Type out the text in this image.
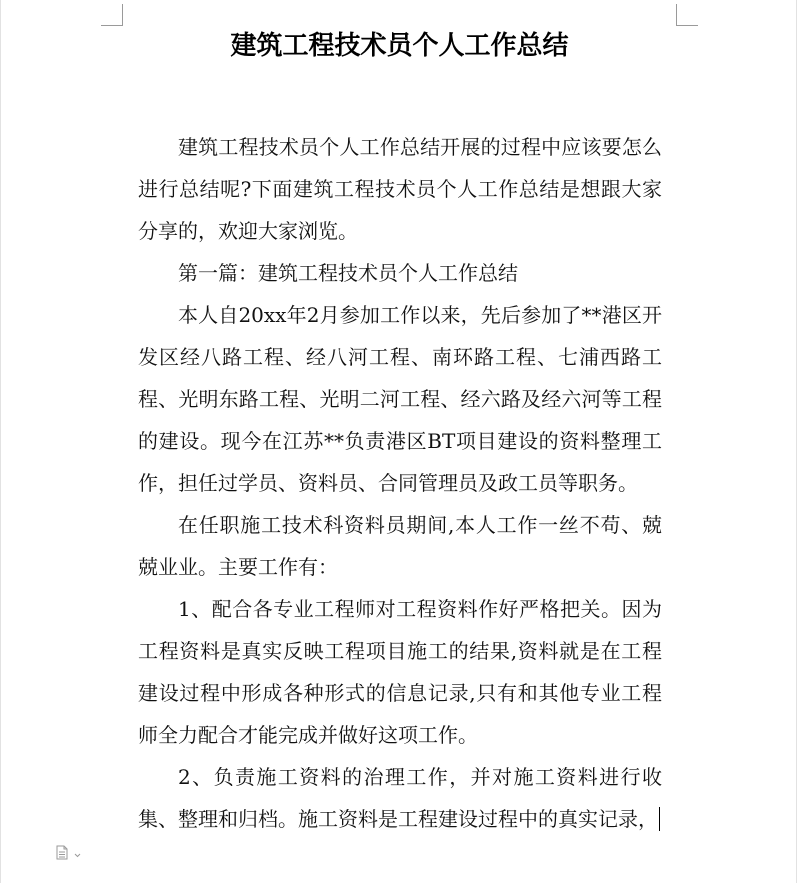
建筑工程技术员个人工作总结

建筑工程技术员个人工作总结开展的过程中应该要怎么进行总结呢?下面建筑工程技术员个人工作总结是想跟大家分享的，欢迎大家浏览。

第一篇：建筑工程技术员个人工作总结

本人自20xx年2月参加工作以来，先后参加了**港区开发区经八路工程、经八河工程、南环路工程、七浦西路工程、光明东路工程、光明二河工程、经六路及经六河等工程的建设。现今在江苏**负责港区BT项目建设的资料整理工作，担任过学员、资料员、合同管理员及政工员等职务。

在任职施工技术科资料员期间,本人工作一丝不苟、兢兢业业。主要工作有：

1、配合各专业工程师对工程资料作好严格把关。因为工程资料是真实反映工程项目施工的结果,资料就是在工程建设过程中形成各种形式的信息记录,只有和其他专业工程师全力配合才能完成并做好这项工作。

2、负责施工资料的治理工作，并对施工资料进行收集、整理和归档。施工资料是工程建设过程中的真实记录，
